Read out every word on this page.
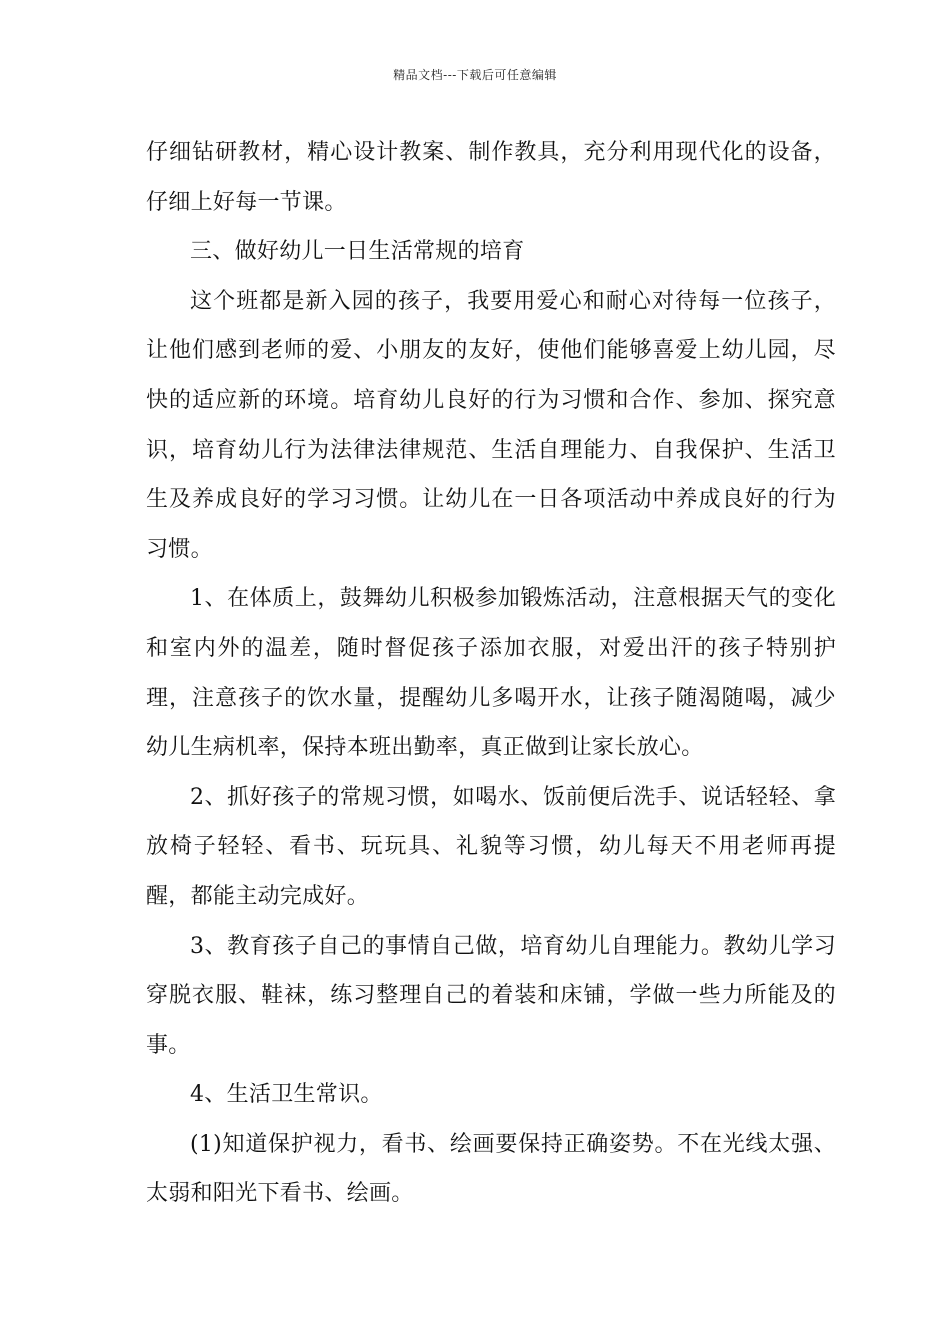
精品文档---下载后可任意编辑

仔细钻研教材，精心设计教案、制作教具，充分利用现代化的设备，仔细上好每一节课。

三、做好幼儿一日生活常规的培育

这个班都是新入园的孩子，我要用爱心和耐心对待每一位孩子，让他们感到老师的爱、小朋友的友好，使他们能够喜爱上幼儿园，尽快的适应新的环境。培育幼儿良好的行为习惯和合作、参加、探究意识，培育幼儿行为法律法律规范、生活自理能力、自我保护、生活卫生及养成良好的学习习惯。让幼儿在一日各项活动中养成良好的行为习惯。

1、在体质上，鼓舞幼儿积极参加锻炼活动，注意根据天气的变化和室内外的温差，随时督促孩子添加衣服，对爱出汗的孩子特别护理，注意孩子的饮水量，提醒幼儿多喝开水，让孩子随渴随喝，减少幼儿生病机率，保持本班出勤率，真正做到让家长放心。

2、抓好孩子的常规习惯，如喝水、饭前便后洗手、说话轻轻、拿放椅子轻轻、看书、玩玩具、礼貌等习惯，幼儿每天不用老师再提醒，都能主动完成好。

3、教育孩子自己的事情自己做，培育幼儿自理能力。教幼儿学习穿脱衣服、鞋袜，练习整理自己的着装和床铺，学做一些力所能及的事。

4、生活卫生常识。

(1)知道保护视力，看书、绘画要保持正确姿势。不在光线太强、太弱和阳光下看书、绘画。
